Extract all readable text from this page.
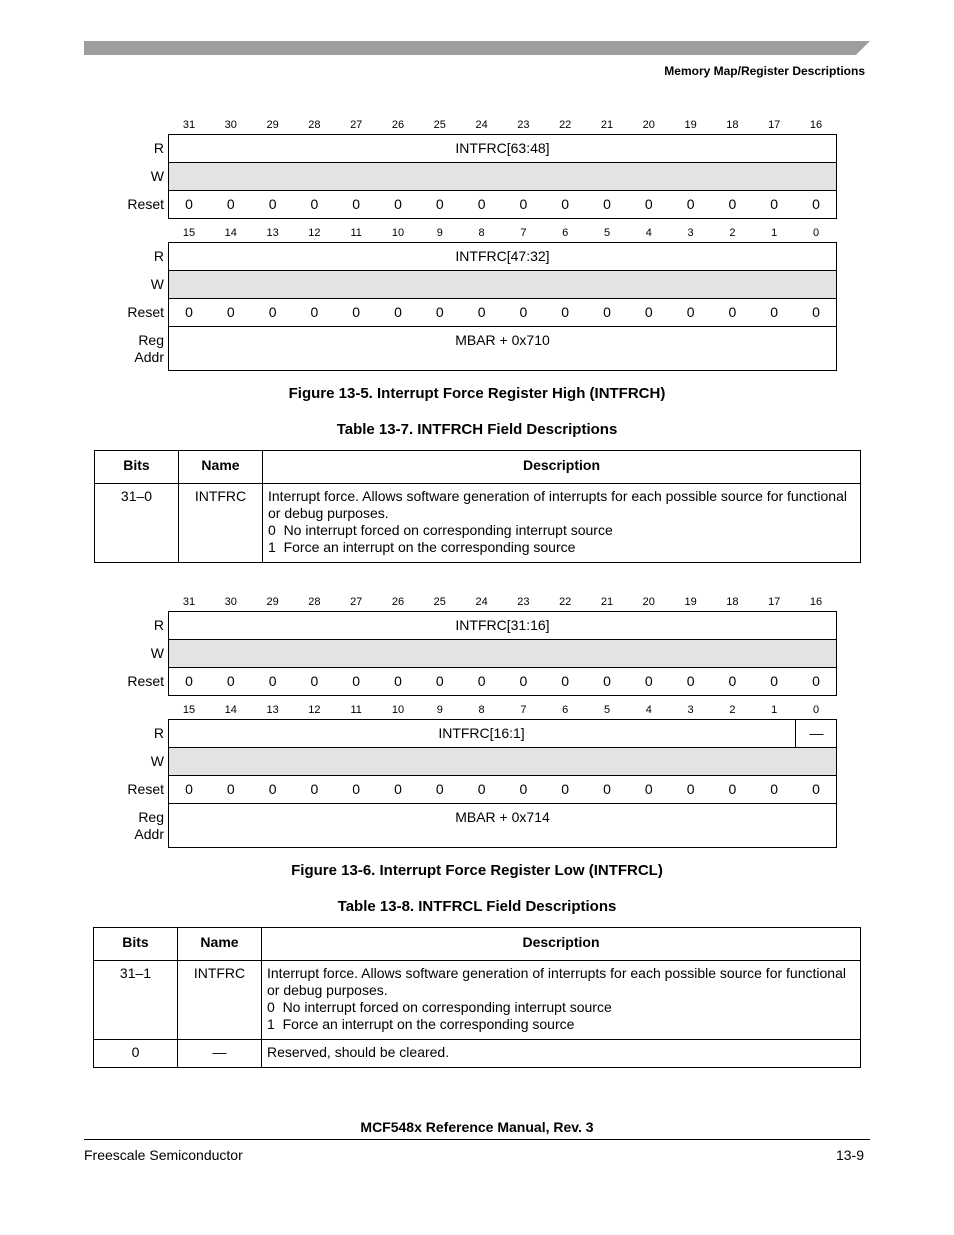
Memory Map/Register Descriptions
31	30	29	28	27	26	25	24	23	22	21	20	19	18	17	16
R	INTFRC[63:48]
W
Reset	0	0	0	0	0	0	0	0	0	0	0	0	0	0	0	0
15	14	13	12	11	10	9	8	7	6	5	4	3	2	1	0
R	INTFRC[47:32]
W
Reset	0	0	0	0	0	0	0	0	0	0	0	0	0	0	0	0
Reg
Addr
MBAR + 0x710
Figure 13-5. Interrupt Force Register High (INTFRCH)
Table 13-7. INTFRCH Field Descriptions
Bits	Name	Description
31–0	INTFRC	Interrupt force. Allows software generation of interrupts for each possible source for functional or debug purposes.
0  No interrupt forced on corresponding interrupt source
1  Force an interrupt on the corresponding source
31	30	29	28	27	26	25	24	23	22	21	20	19	18	17	16
R	INTFRC[31:16]
W
Reset	0	0	0	0	0	0	0	0	0	0	0	0	0	0	0	0
15	14	13	12	11	10	9	8	7	6	5	4	3	2	1	0
R	INTFRC[16:1]	—
W
Reset	0	0	0	0	0	0	0	0	0	0	0	0	0	0	0	0
Reg
Addr
MBAR + 0x714
Figure 13-6. Interrupt Force Register Low (INTFRCL)
Table 13-8. INTFRCL Field Descriptions
Bits	Name	Description
31–1	INTFRC	Interrupt force. Allows software generation of interrupts for each possible source for functional or debug purposes.
0  No interrupt forced on corresponding interrupt source
1  Force an interrupt on the corresponding source

0	—	Reserved, should be cleared.
MCF548x Reference Manual, Rev. 3
Freescale Semiconductor	13-9
